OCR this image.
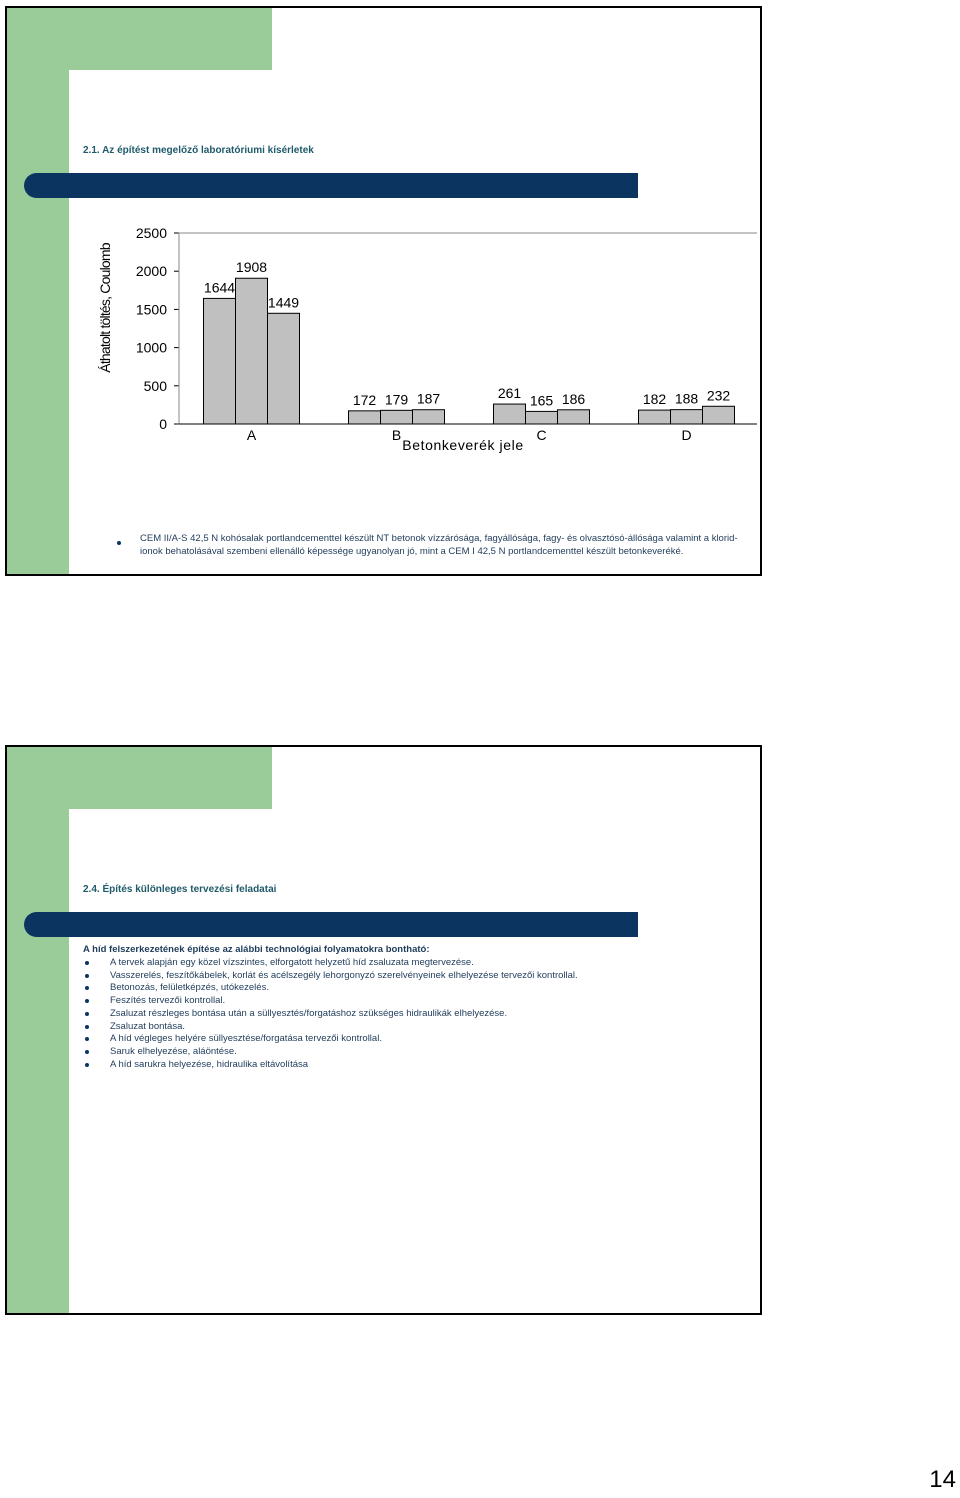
2.1. Az építést megelőző laboratóriumi kísérletek
Áthatolt töltés, Coulomb
0
500
1000
1500
2000
2500
1644
1908
1449
172 179 187	261 165 186	182 188 232
A	B	C	D
Betonkeverék jele
CEM II/A-S 42,5 N kohósalak portlandcementtel készült NT betonok vízzárósága, fagyállósága, fagy- és olvasztósó-állósága valamint a klorid-ionok behatolásával szembeni ellenálló képessége ugyanolyan jó, mint a CEM I 42,5 N portlandcementtel készült betonkeveréké.
2.4. Építés különleges tervezési feladatai
A híd felszerkezetének építése az alábbi technológiai folyamatokra bontható:
A tervek alapján egy közel vízszintes, elforgatott helyzetű híd zsaluzata megtervezése.
Vasszerelés, feszítőkábelek, korlát és acélszegély lehorgonyzó szerelvényeinek elhelyezése tervezői kontrollal.
Betonozás, felületképzés, utókezelés.
Feszítés tervezői kontrollal.
Zsaluzat részleges bontása után a süllyesztés/forgatáshoz szükséges hidraulikák elhelyezése.
Zsaluzat bontása.
A híd végleges helyére süllyesztése/forgatása tervezői kontrollal.
Saruk elhelyezése, aláöntése.
A híd sarukra helyezése, hidraulika eltávolítása
14
